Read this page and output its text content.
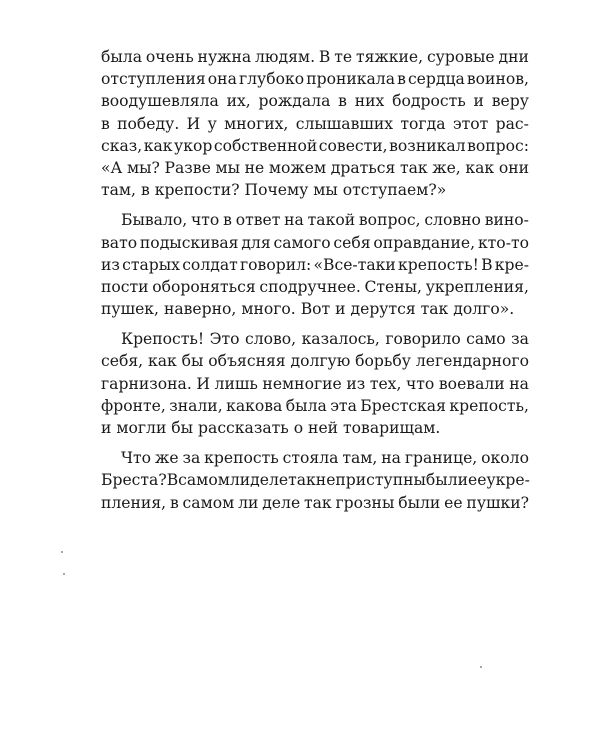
была очень нужна людям. В те тяжкие, суровые дни
отступления она глубоко проникала в сердца воинов,
воодушевляла их, рождала в них бодрость и веру
в победу. И у многих, слышавших тогда этот рас-
сказ, как укор собственной совести, возникал вопрос:
«А мы? Разве мы не можем драться так же, как они
там, в крепости? Почему мы отступаем?»
Бывало, что в ответ на такой вопрос, словно вино-
вато подыскивая для самого себя оправдание, кто-то
из старых солдат говорил: «Все-таки крепость! В кре-
пости обороняться сподручнее. Стены, укрепления,
пушек, наверно, много. Вот и дерутся так долго».
Крепость! Это слово, казалось, говорило само за
себя, как бы объясняя долгую борьбу легендарного
гарнизона. И лишь немногие из тех, что воевали на
фронте, знали, какова была эта Брестская крепость,
и могли бы рассказать о ней товарищам.
Что же за крепость стояла там, на границе, около
Бреста? В самом ли деле так неприступны были ее укре-
пления, в самом ли деле так грозны были ее пушки?
